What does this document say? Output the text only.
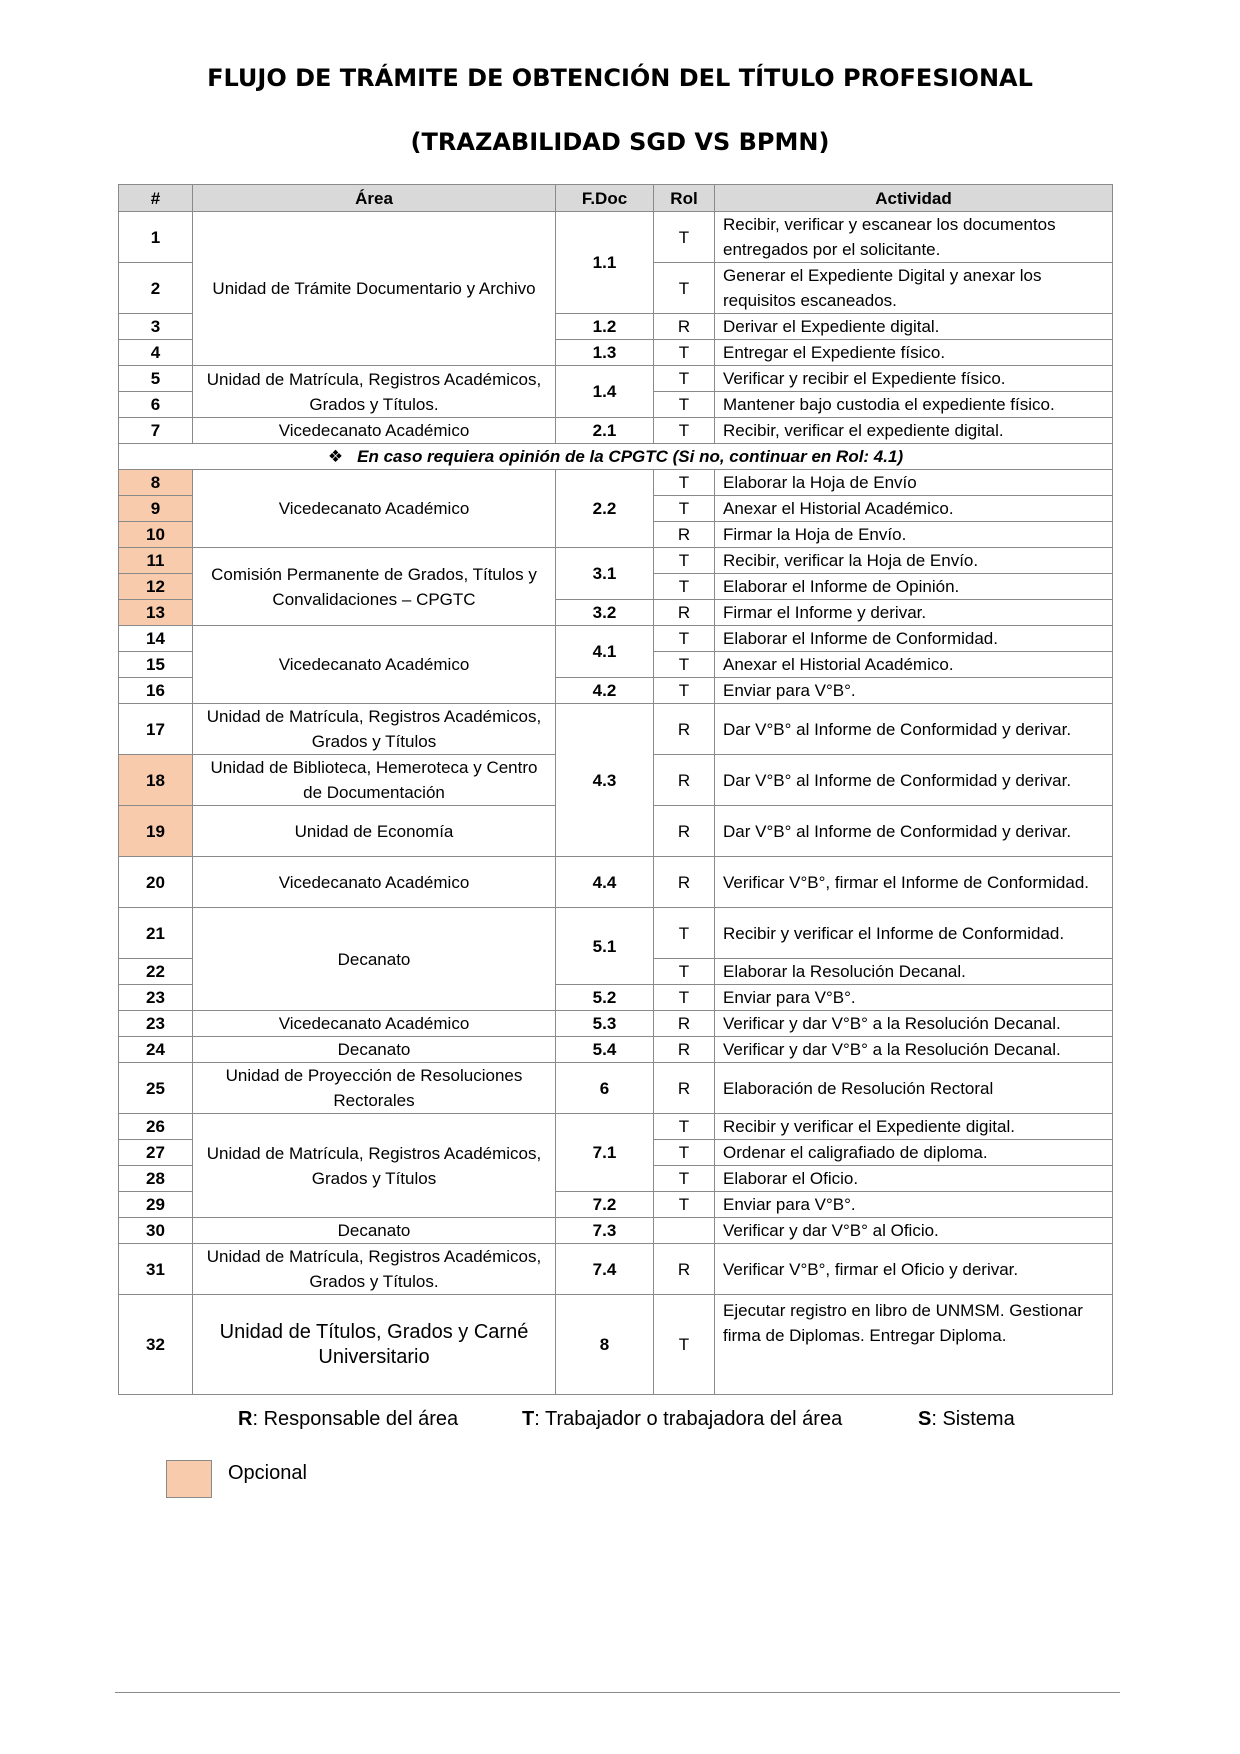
FLUJO DE TRÁMITE DE OBTENCIÓN DEL TÍTULO PROFESIONAL
(TRAZABILIDAD SGD VS BPMN)
#	Área	F.Doc	Rol	Actividad
1	Unidad de Trámite Documentario y Archivo	1.1	T	Recibir, verificar y escanear los documentos entregados por el solicitante.
2			T	Generar el Expediente Digital y anexar los requisitos escaneados.
3		1.2	R	Derivar el Expediente digital.
4		1.3	T	Entregar el Expediente físico.
5	Unidad de Matrícula, Registros Académicos, Grados y Títulos.	1.4	T	Verificar y recibir el Expediente físico.
6			T	Mantener bajo custodia el expediente físico.
7	Vicedecanato Académico	2.1	T	Recibir, verificar el expediente digital.
❖ En caso requiera opinión de la CPGTC (Si no, continuar en Rol: 4.1)				
8	Vicedecanato Académico	2.2	T	Elaborar la Hoja de Envío
9			T	Anexar el Historial Académico.
10			R	Firmar la Hoja de Envío.
11	Comisión Permanente de Grados, Títulos y Convalidaciones – CPGTC	3.1	T	Recibir, verificar la Hoja de Envío.
12			T	Elaborar el Informe de Opinión.
13		3.2	R	Firmar el Informe y derivar.
14	Vicedecanato Académico	4.1	T	Elaborar el Informe de Conformidad.
15			T	Anexar el Historial Académico.
16		4.2	T	Enviar para V°B°.
17	Unidad de Matrícula, Registros Académicos, Grados y Títulos	4.3	R	Dar V°B° al Informe de Conformidad y derivar.
18	Unidad de Biblioteca, Hemeroteca y Centro de Documentación		R	Dar V°B° al Informe de Conformidad y derivar.
19	Unidad de Economía		R	Dar V°B° al Informe de Conformidad y derivar.
20	Vicedecanato Académico	4.4	R	Verificar V°B°, firmar el Informe de Conformidad.
21	Decanato	5.1	T	Recibir y verificar el Informe de Conformidad.
22			T	Elaborar la Resolución Decanal.
23		5.2	T	Enviar para V°B°.
23	Vicedecanato Académico	5.3	R	Verificar y dar V°B° a la Resolución Decanal.
24	Decanato	5.4	R	Verificar y dar V°B° a la Resolución Decanal.
25	Unidad de Proyección de Resoluciones Rectorales	6	R	Elaboración de Resolución Rectoral
26	Unidad de Matrícula, Registros Académicos, Grados y Títulos	7.1	T	Recibir y verificar el Expediente digital.
27			T	Ordenar el caligrafiado de diploma.
28			T	Elaborar el Oficio.
29		7.2	T	Enviar para V°B°.
30	Decanato	7.3		Verificar y dar V°B° al Oficio.
31	Unidad de Matrícula, Registros Académicos, Grados y Títulos.	7.4	R	Verificar V°B°, firmar el Oficio y derivar.
32	Unidad de Títulos, Grados y Carné Universitario	8	T	Ejecutar registro en libro de UNMSM. Gestionar firma de Diplomas. Entregar Diploma.
R: Responsable del área	T: Trabajador o trabajadora del área	S: Sistema
Opcional
